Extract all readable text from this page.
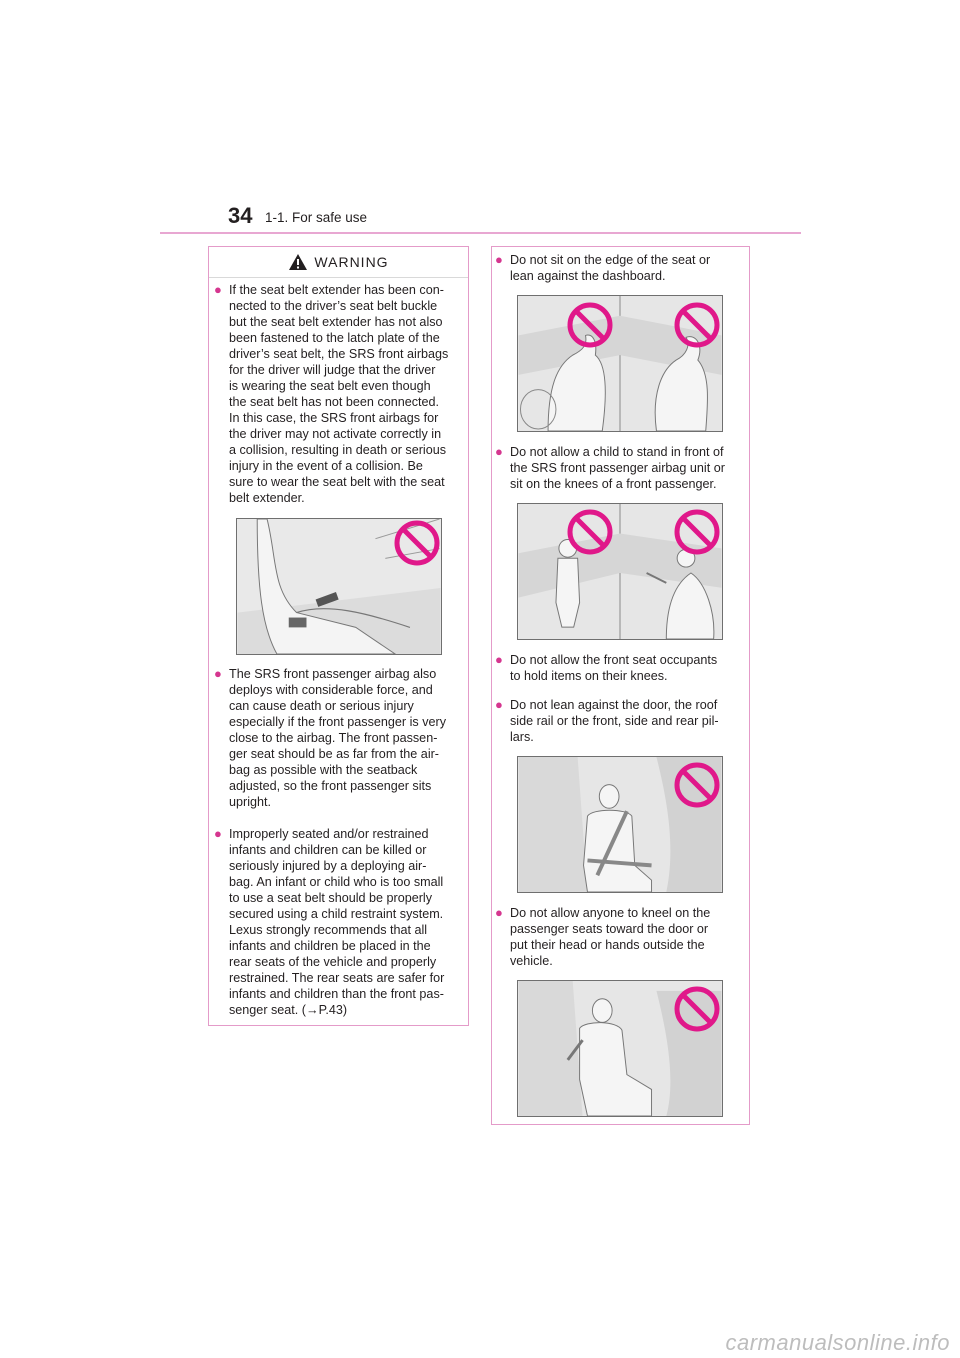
34 1-1. For safe use
WARNING
● If the seat belt extender has been con-
nected to the driver’s seat belt buckle
but the seat belt extender has not also
been fastened to the latch plate of the
driver’s seat belt, the SRS front airbags
for the driver will judge that the driver
is wearing the seat belt even though
the seat belt has not been connected.
In this case, the SRS front airbags for
the driver may not activate correctly in
a collision, resulting in death or serious
injury in the event of a collision. Be
sure to wear the seat belt with the seat
belt extender.
● The SRS front passenger airbag also
deploys with considerable force, and
can cause death or serious injury
especially if the front passenger is very
close to the airbag. The front passen-
ger seat should be as far from the air-
bag as possible with the seatback
adjusted, so the front passenger sits
upright.
● Improperly seated and/or restrained
infants and children can be killed or
seriously injured by a deploying air-
bag. An infant or child who is too small
to use a seat belt should be properly
secured using a child restraint system.
Lexus strongly recommends that all
infants and children be placed in the
rear seats of the vehicle and properly
restrained. The rear seats are safer for
infants and children than the front pas-
senger seat. (→P.43)
● Do not sit on the edge of the seat or
lean against the dashboard.
● Do not allow a child to stand in front of
the SRS front passenger airbag unit or
sit on the knees of a front passenger.
● Do not allow the front seat occupants
to hold items on their knees.
● Do not lean against the door, the roof
side rail or the front, side and rear pil-
lars.
● Do not allow anyone to kneel on the
passenger seats toward the door or
put their head or hands outside the
vehicle.
carmanualsonline.info
